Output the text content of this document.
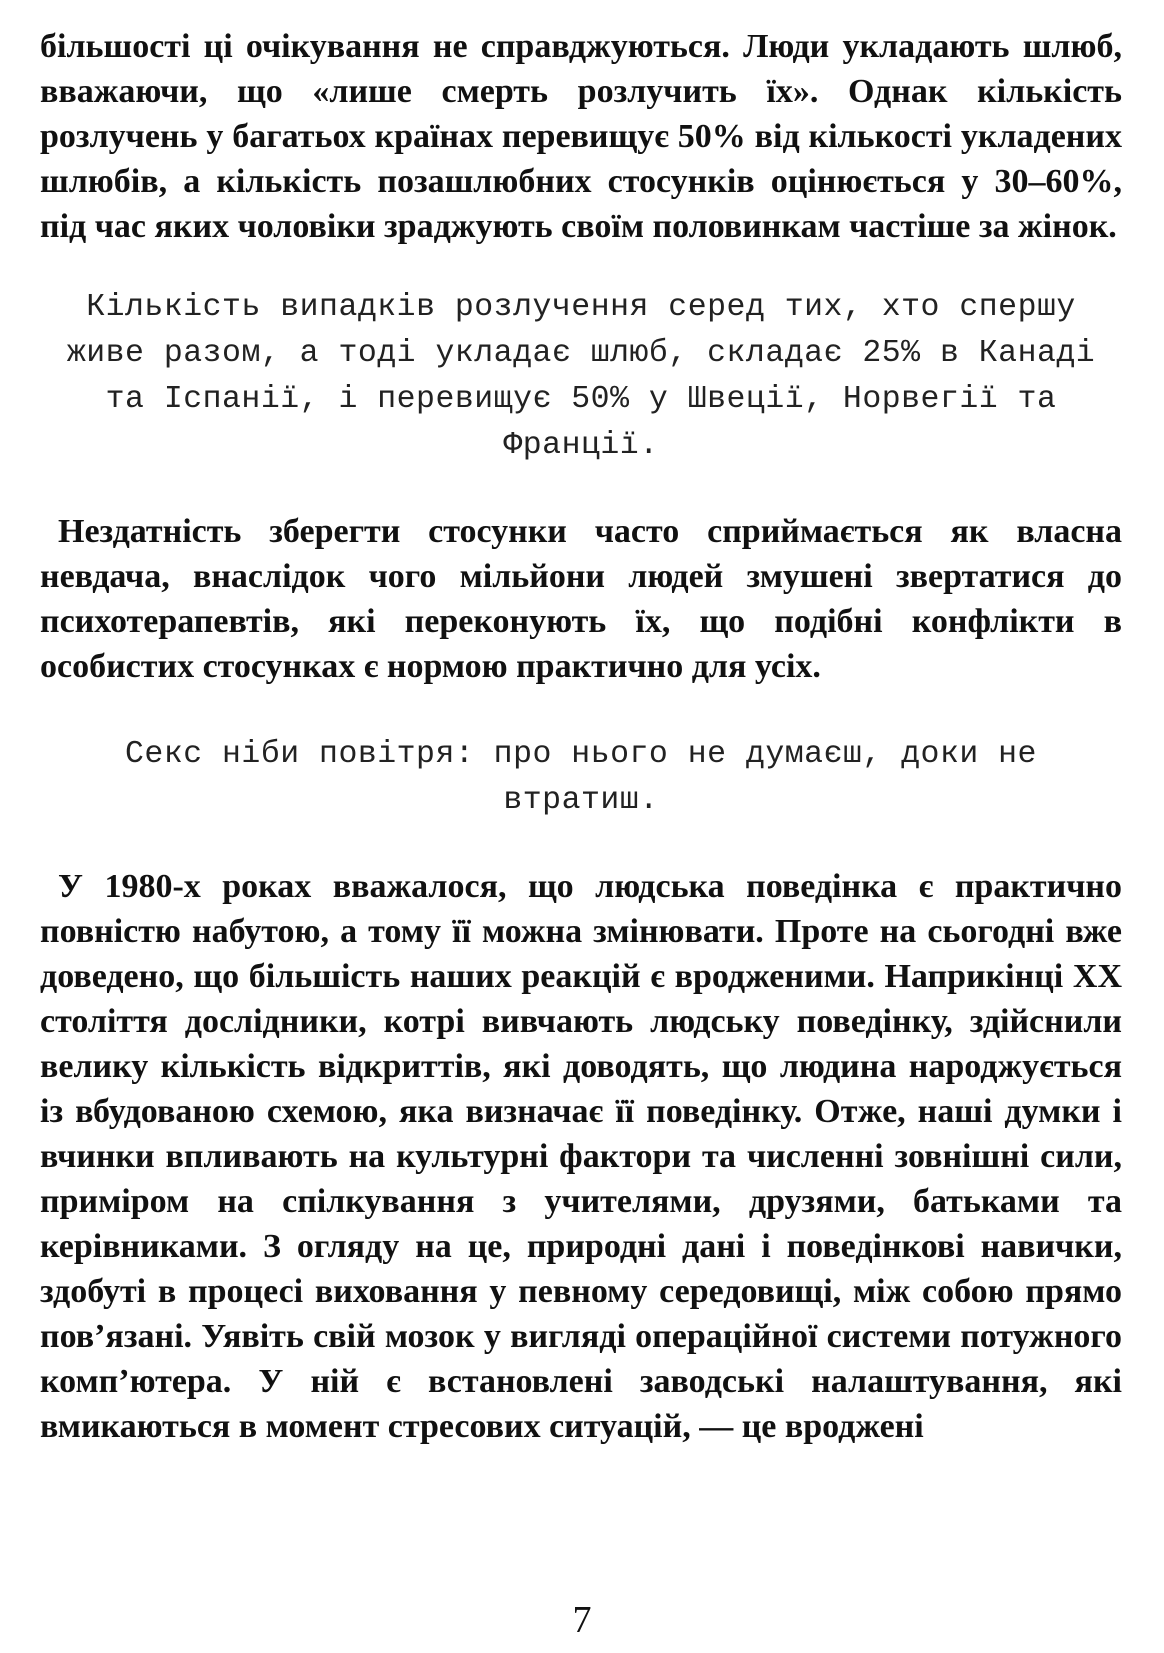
більшості ці очікування не справджуються. Люди укладають шлюб, вважаючи, що «лише смерть розлучить їх». Однак кількість розлучень у багатьох країнах перевищує 50% від кількості укладених шлюбів, а кількість позашлюбних стосунків оцінюється у 30–60%, під час яких чоловіки зраджують своїм половинкам частіше за жінок.

Кількість випадків розлучення серед тих, хто спершу живе разом, а тоді укладає шлюб, складає 25% в Канаді та Іспанії, і перевищує 50% у Швеції, Норвегії та Франції.

Нездатність зберегти стосунки часто сприймається як власна невдача, внаслідок чого мільйони людей змушені звертатися до психотерапевтів, які переконують їх, що подібні конфлікти в особистих стосунках є нормою практично для усіх.

Секс ніби повітря: про нього не думаєш, доки не втратиш.

У 1980-х роках вважалося, що людська поведінка є практично повністю набутою, а тому її можна змінювати. Проте на сьогодні вже доведено, що більшість наших реакцій є вродженими. Наприкінці ХХ століття дослідники, котрі вивчають людську поведінку, здійснили велику кількість відкриттів, які доводять, що людина народжується із вбудованою схемою, яка визначає її поведінку. Отже, наші думки і вчинки впливають на культурні фактори та численні зовнішні сили, приміром на спілкування з учителями, друзями, батьками та керівниками. З огляду на це, природні дані і поведінкові навички, здобуті в процесі виховання у певному середовищі, між собою прямо пов’язані. Уявіть свій мозок у вигляді операційної системи потужного комп’ютера. У ній є встановлені заводські налаштування, які вмикаються в момент стресових ситуацій, — це вроджені

7
